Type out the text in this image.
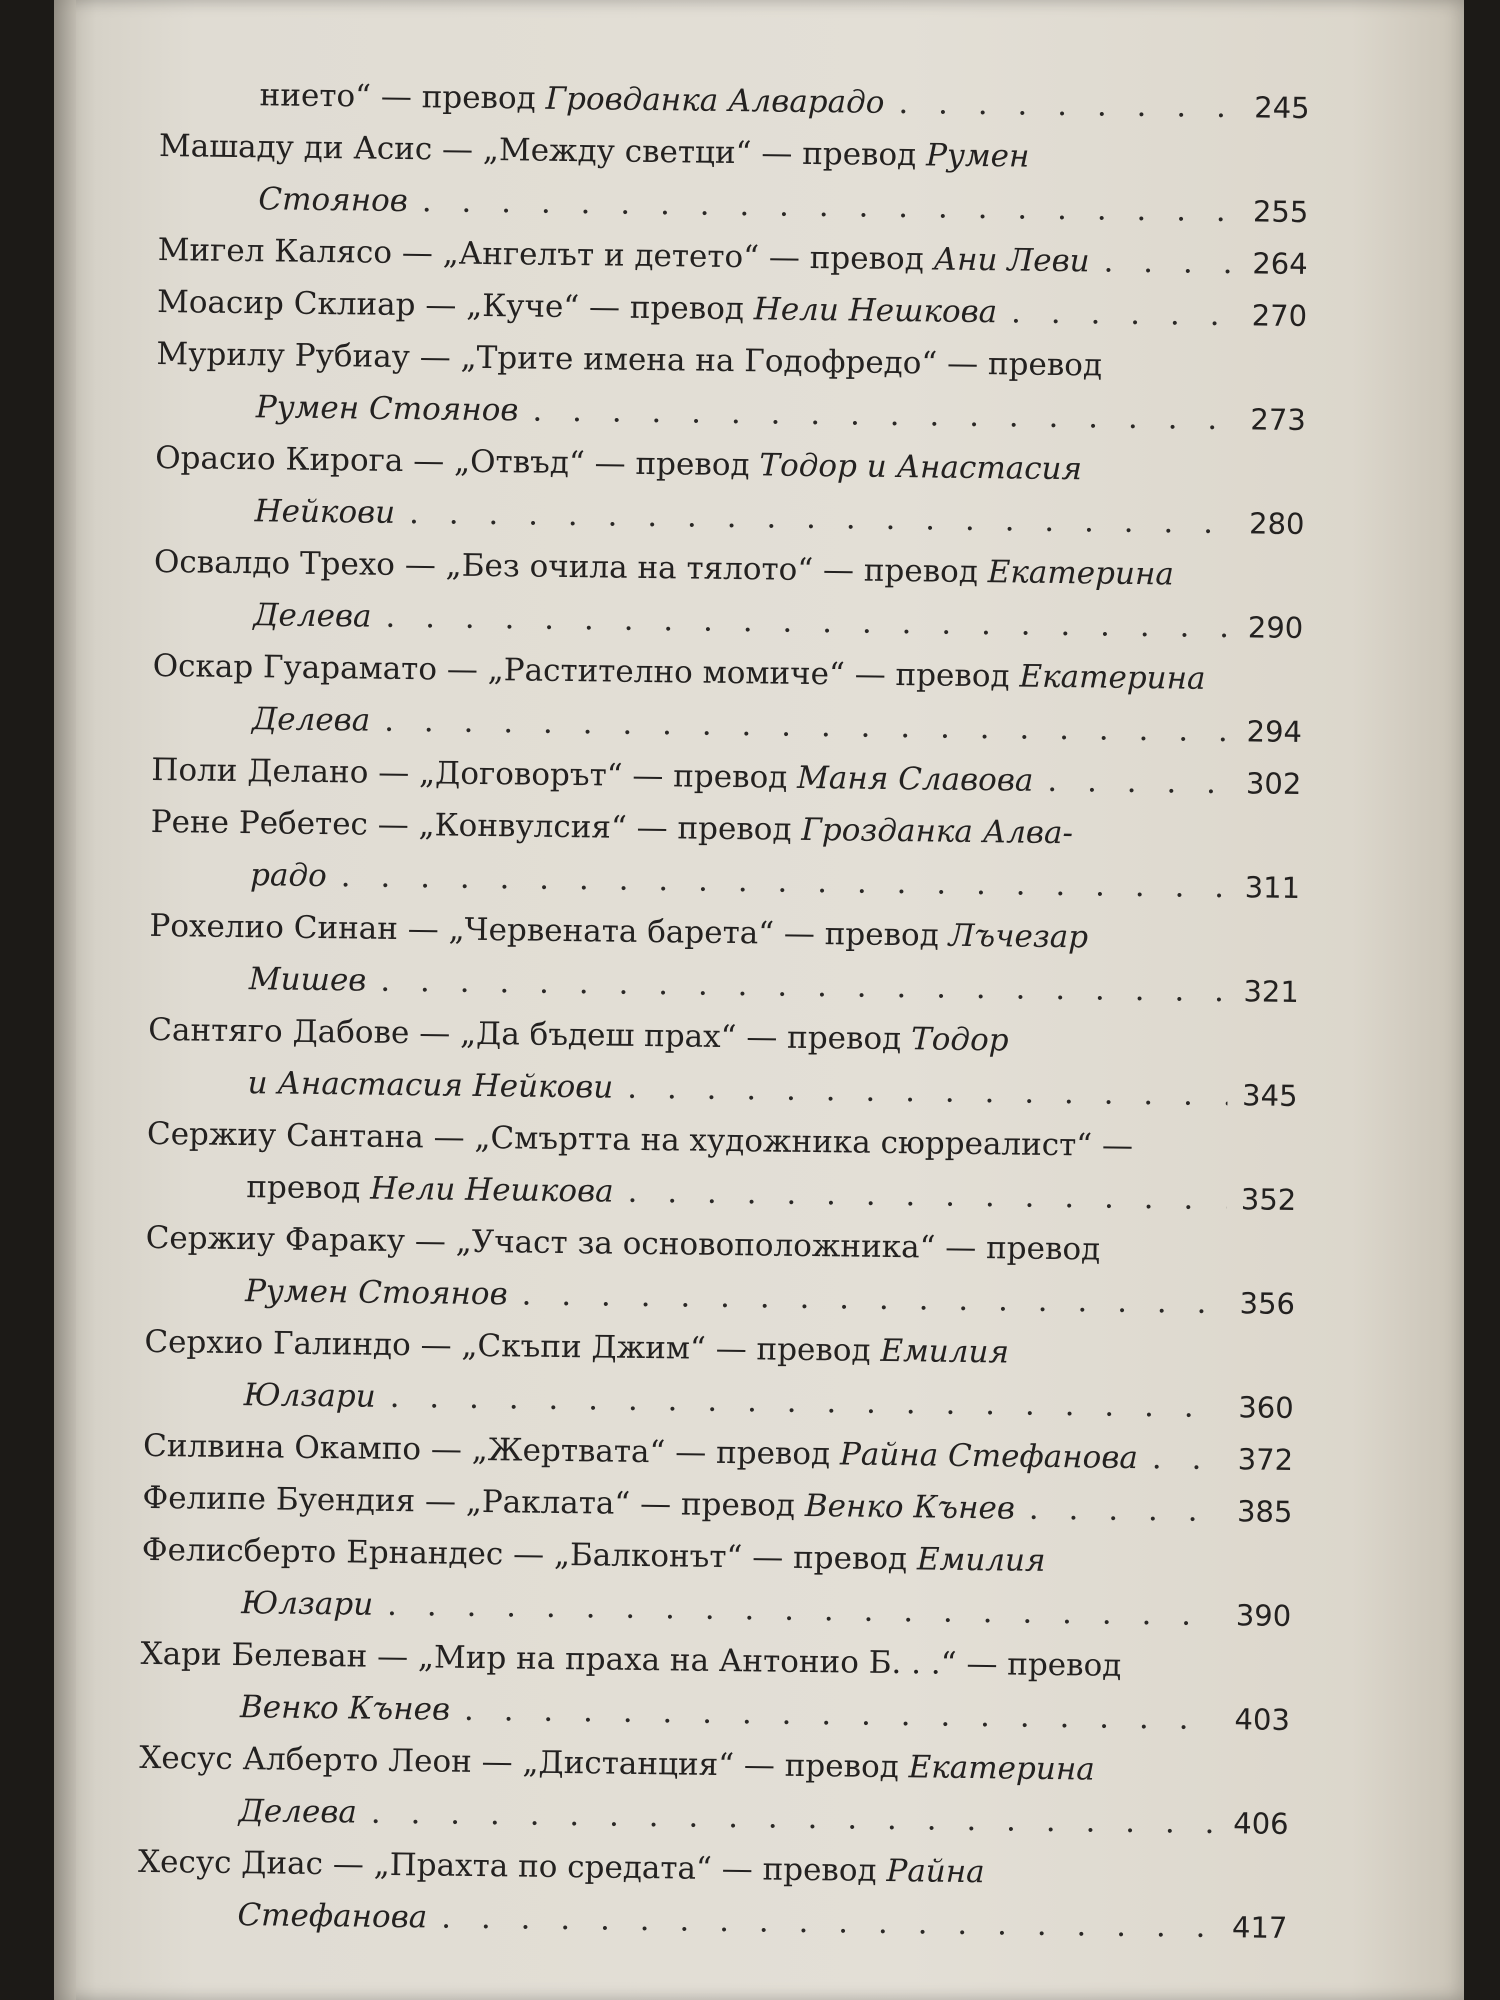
нието“ — превод Гровданка Алварадо . . .	245
Машаду ди Асис — „Между светци“ — превод Румен
Стоянов . . .	255
Мигел Калясо — „Ангелът и детето“ — превод Ани Леви . . .	264
Моасир Склиар — „Куче“ — превод Нели Нешкова . . .	270
Мурилу Рубиау — „Трите имена на Годофредо“ — превод
Румен Стоянов . . .	273
Орасио Кирога — „Отвъд“ — превод Тодор и Анастасия
Нейкови . . .	280
Освалдо Трехо — „Без очила на тялото“ — превод Екатерина
Делева . . .	290
Оскар Гуарамато — „Растително момиче“ — превод Екатерина
Делева . . .	294
Поли Делано — „Договорът“ — превод Маня Славова . . .	302
Рене Ребетес — „Конвулсия“ — превод Грозданка Алва-
радо . . .	311
Рохелио Синан — „Червената барета“ — превод Лъчезар
Мишев . . .	321
Сантяго Дабове — „Да бъдеш прах“ — превод Тодор
и Анастасия Нейкови . . .	345
Сержиу Сантана — „Смъртта на художника сюрреалист“ —
превод Нели Нешкова . . .	352
Сержиу Фараку — „Участ за основоположника“ — превод
Румен Стоянов . . .	356
Серхио Галиндо — „Скъпи Джим“ — превод Емилия
Юлзари . . .	360
Силвина Окампо — „Жертвата“ — превод Райна Стефанова . . .	372
Фелипе Буендия — „Раклата“ — превод Венко Кънев . . .	385
Фелисберто Ернандес — „Балконът“ — превод Емилия
Юлзари . . .	390
Хари Белеван — „Мир на праха на Антонио Б. . .“ — превод
Венко Кънев . . .	403
Хесус Алберто Леон — „Дистанция“ — превод Екатерина
Делева . . .	406
Хесус Диас — „Прахта по средата“ — превод Райна
Стефанова . . .	417
